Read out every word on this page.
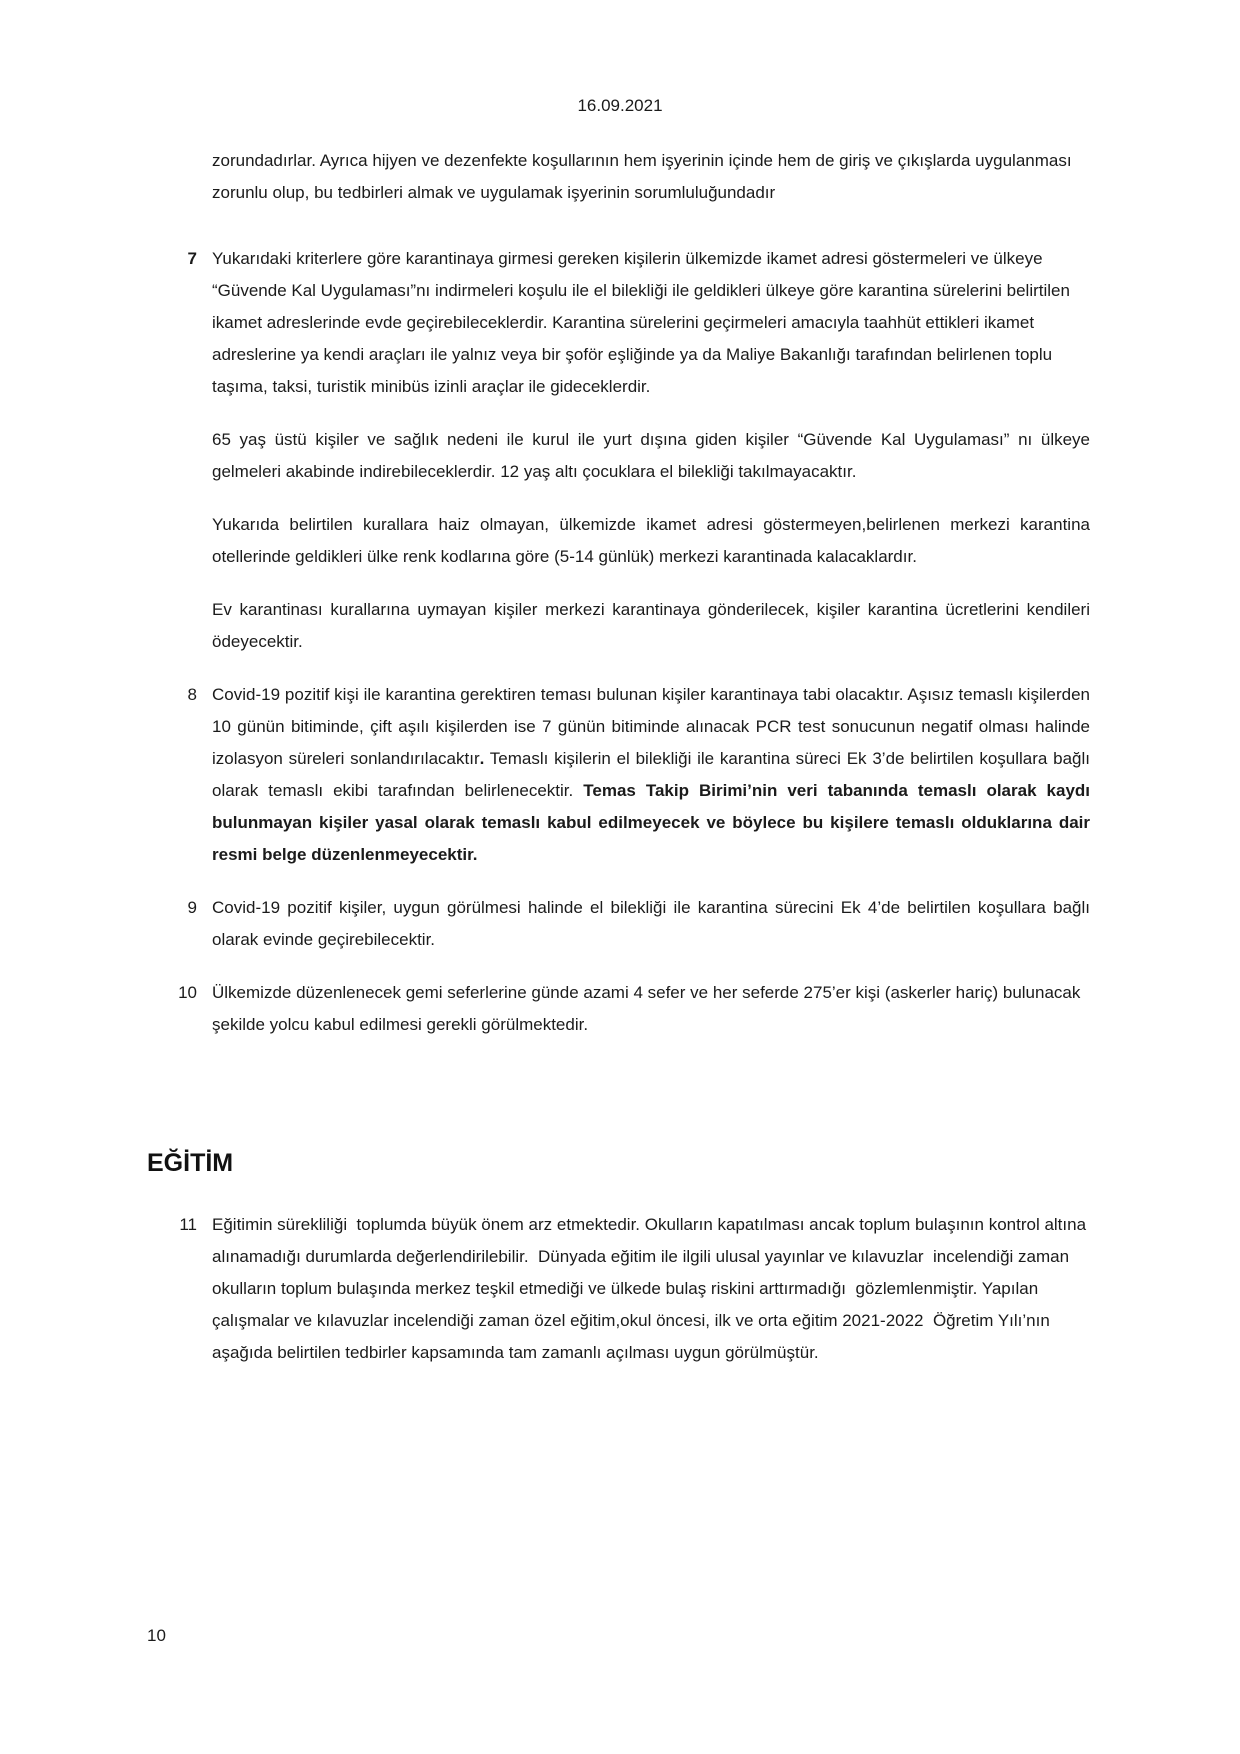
16.09.2021

zorundadırlar. Ayrıca hijyen ve dezenfekte koşullarının hem işyerinin içinde hem de giriş ve çıkışlarda uygulanması zorunlu olup, bu tedbirleri almak ve uygulamak işyerinin sorumluluğundadır

7 Yukarıdaki kriterlere göre karantinaya girmesi gereken kişilerin ülkemizde ikamet adresi göstermeleri ve ülkeye “Güvende Kal Uygulaması”nı indirmeleri koşulu ile el bilekliği ile geldikleri ülkeye göre karantina sürelerini belirtilen ikamet adreslerinde evde geçirebileceklerdir. Karantina sürelerini geçirmeleri amacıyla taahhüt ettikleri ikamet adreslerine ya kendi araçları ile yalnız veya bir şoför eşliğinde ya da Maliye Bakanlığı tarafından belirlenen toplu taşıma, taksi, turistik minibüs izinli araçlar ile gideceklerdir.

65 yaş üstü kişiler ve sağlık nedeni ile kurul ile yurt dışına giden kişiler “Güvende Kal Uygulaması” nı ülkeye gelmeleri akabinde indirebileceklerdir. 12 yaş altı çocuklara el bilekliği takılmayacaktır.

Yukarıda belirtilen kurallara haiz olmayan, ülkemizde ikamet adresi göstermeyen,belirlenen merkezi karantina otellerinde geldikleri ülke renk kodlarına göre (5-14 günlük) merkezi karantinada kalacaklardır.

Ev karantinası kurallarına uymayan kişiler merkezi karantinaya gönderilecek, kişiler karantina ücretlerini kendileri ödeyecektir.

8 Covid-19 pozitif kişi ile karantina gerektiren teması bulunan kişiler karantinaya tabi olacaktır. Aşısız temaslı kişilerden 10 günün bitiminde, çift aşılı kişilerden ise 7 günün bitiminde alınacak PCR test sonucunun negatif olması halinde izolasyon süreleri sonlandırılacaktır. Temaslı kişilerin el bilekliği ile karantina süreci Ek 3’de belirtilen koşullara bağlı olarak temaslı ekibi tarafından belirlenecektir. Temas Takip Birimi’nin veri tabanında temaslı olarak kaydı bulunmayan kişiler yasal olarak temaslı kabul edilmeyecek ve böylece bu kişilere temaslı olduklarına dair resmi belge düzenlenmeyecektir.

9 Covid-19 pozitif kişiler, uygun görülmesi halinde el bilekliği ile karantina sürecini Ek 4’de belirtilen koşullara bağlı olarak evinde geçirebilecektir.

10 Ülkemizde düzenlenecek gemi seferlerine günde azami 4 sefer ve her seferde 275’er kişi (askerler hariç) bulunacak şekilde yolcu kabul edilmesi gerekli görülmektedir.

EĞİTİM
11 Eğitimin sürekliliği  toplumda büyük önem arz etmektedir. Okulların kapatılması ancak toplum bulaşının kontrol altına alınamadığı durumlarda değerlendirilebilir.  Dünyada eğitim ile ilgili ulusal yayınlar ve kılavuzlar  incelendiği zaman okulların toplum bulaşında merkez teşkil etmediği ve ülkede bulaş riskini arttırmadığı  gözlemlenmiştir. Yapılan çalışmalar ve kılavuzlar incelendiği zaman özel eğitim,okul öncesi, ilk ve orta eğitim 2021-2022  Öğretim Yılı’nın aşağıda belirtilen tedbirler kapsamında tam zamanlı açılması uygun görülmüştür.

10
